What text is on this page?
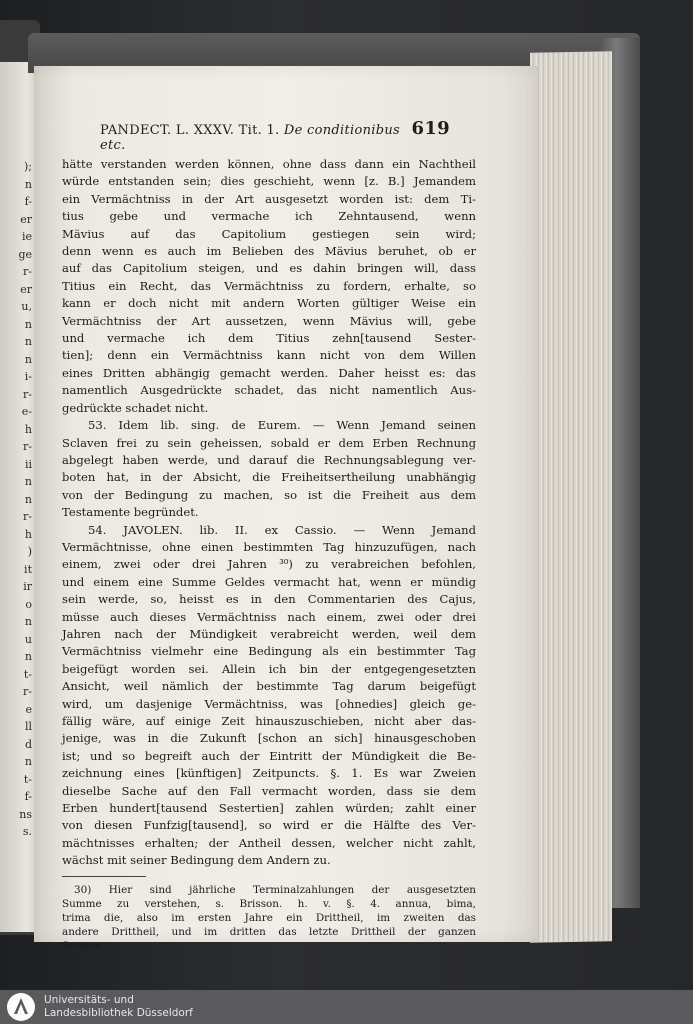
);
n
f-
er
ie
ge
r-
er
u,
n
n
n
i-
r-
e-
h
r-
ii
n
n
r-
h
)
it
ir
o
n
u
n
t-
r-
e
ll
d
n
t-
f-
ns
s.
PANDECT. L. XXXV. Tit. 1. De conditionibus etc.
619
hätte verstanden werden können, ohne dass dann ein Nachtheil
würde entstanden sein; dies geschieht, wenn [z. B.] Jemandem
ein Vermächtniss in der Art ausgesetzt worden ist: dem Ti-
tius gebe und vermache ich Zehntausend, wenn
Mävius auf das Capitolium gestiegen sein wird;
denn wenn es auch im Belieben des Mävius beruhet, ob er
auf das Capitolium steigen, und es dahin bringen will, dass
Titius ein Recht, das Vermächtniss zu fordern, erhalte, so
kann er doch nicht mit andern Worten gültiger Weise ein
Vermächtniss der Art aussetzen, wenn Mävius will, gebe
und vermache ich dem Titius zehn[tausend Sester-
tien]; denn ein Vermächtniss kann nicht von dem Willen
eines Dritten abhängig gemacht werden. Daher heisst es: das
namentlich Ausgedrückte schadet, das nicht namentlich Aus-
gedrückte schadet nicht.
53. Idem lib. sing. de Eurem. — Wenn Jemand seinen
Sclaven frei zu sein geheissen, sobald er dem Erben Rechnung
abgelegt haben werde, und darauf die Rechnungsablegung ver-
boten hat, in der Absicht, die Freiheitsertheilung unabhängig
von der Bedingung zu machen, so ist die Freiheit aus dem
Testamente begründet.
54. JAVOLEN. lib. II. ex Cassio. — Wenn Jemand
Vermächtnisse, ohne einen bestimmten Tag hinzuzufügen, nach
einem, zwei oder drei Jahren ³⁰) zu verabreichen befohlen,
und einem eine Summe Geldes vermacht hat, wenn er mündig
sein werde, so, heisst es in den Commentarien des Cajus,
müsse auch dieses Vermächtniss nach einem, zwei oder drei
Jahren nach der Mündigkeit verabreicht werden, weil dem
Vermächtniss vielmehr eine Bedingung als ein bestimmter Tag
beigefügt worden sei. Allein ich bin der entgegengesetzten
Ansicht, weil nämlich der bestimmte Tag darum beigefügt
wird, um dasjenige Vermächtniss, was [ohnedies] gleich ge-
fällig wäre, auf einige Zeit hinauszuschieben, nicht aber das-
jenige, was in die Zukunft [schon an sich] hinausgeschoben
ist; und so begreift auch der Eintritt der Mündigkeit die Be-
zeichnung eines [künftigen] Zeitpuncts. §. 1. Es war Zweien
dieselbe Sache auf den Fall vermacht worden, dass sie dem
Erben hundert[tausend Sestertien] zahlen würden; zahlt einer
von diesen Funfzig[tausend], so wird er die Hälfte des Ver-
mächtnisses erhalten; der Antheil dessen, welcher nicht zahlt,
wächst mit seiner Bedingung dem Andern zu.
30) Hier sind jährliche Terminalzahlungen der ausgesetzten
Summe zu verstehen, s. Brisson. h. v. §. 4. annua, bima,
trima die, also im ersten Jahre ein Drittheil, im zweiten das
andere Drittheil, und im dritten das letzte Drittheil der ganzen
Summe.
Universitäts- und
Landesbibliothek Düsseldorf
